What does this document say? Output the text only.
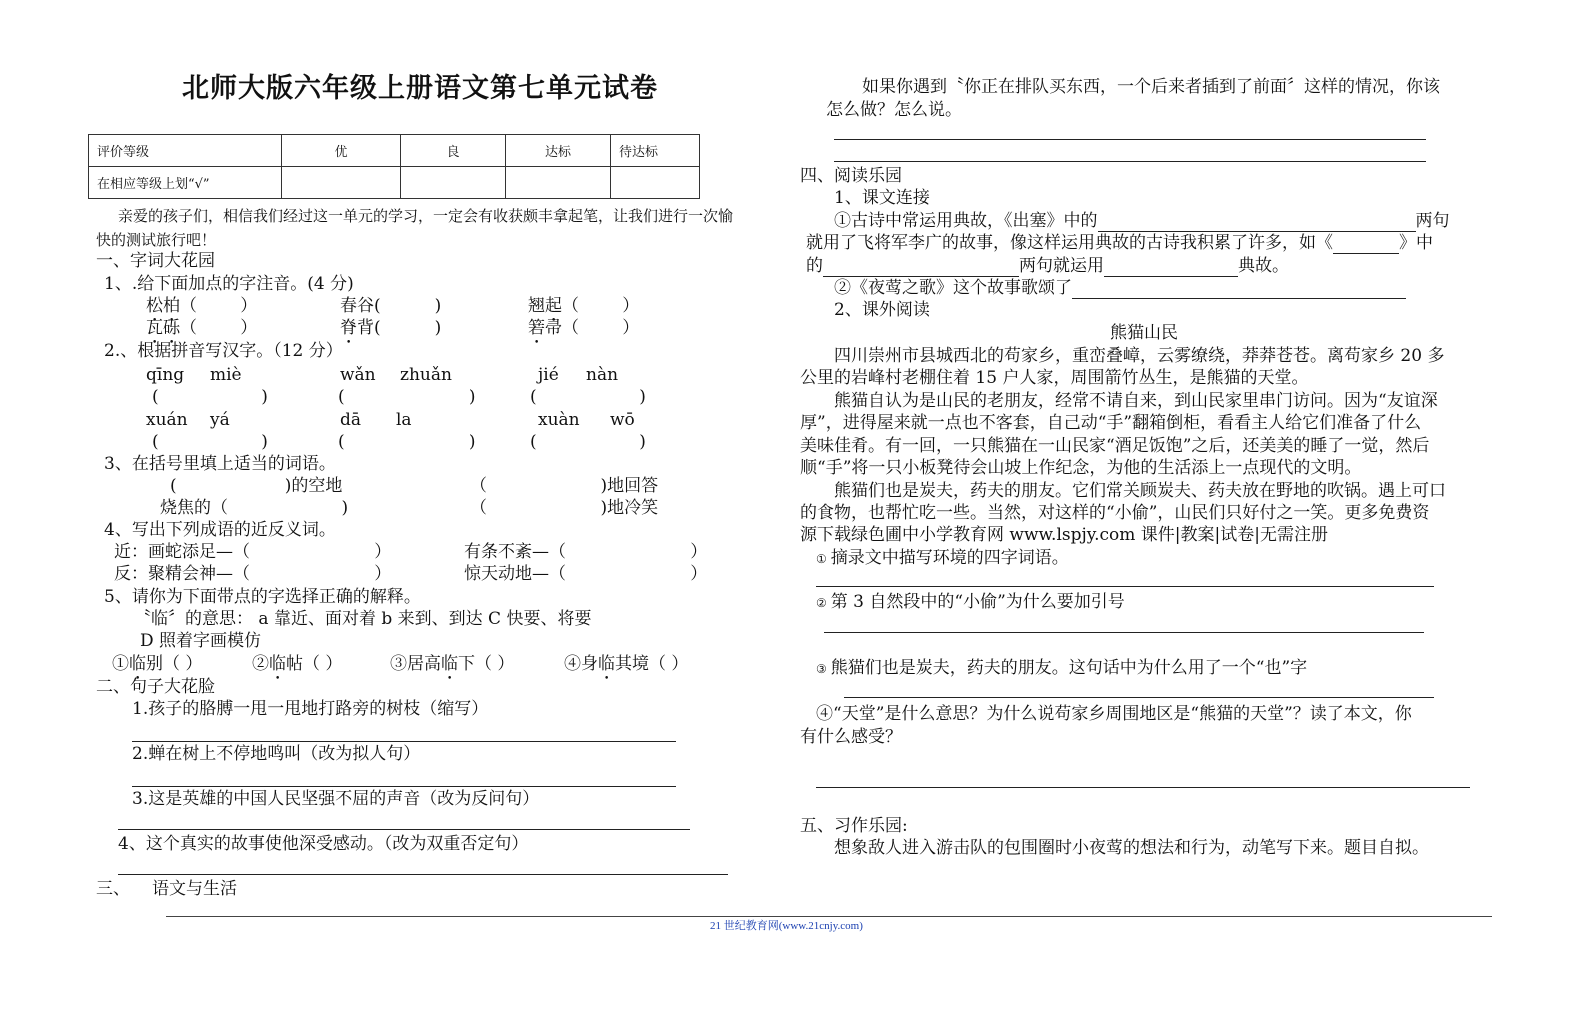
北师大版六年级上册语文第七单元试卷
评价等级	优	良	达标	待达标
在相应等级上划“√”				
亲爱的孩子们，相信我们经过这一单元的学习，一定会有收获颇丰拿起笔，让我们进行一次愉
快的测试旅行吧！
一、字词大花园
1、.给下面加点的字注音。(4 分)
松柏（        ）	春谷(          )	翘起（        ）
瓦砾（        ）	脊背(          )	箬帚（        ）
2.、根据拼音写汉字。（12 分）
qīng miè	wǎn zhuǎn	jié nàn
(                   )	(                       )	(                   )
xuán yá	dā la	xuàn wō
(                   )	(                       )	(                   )
3、在括号里填上适当的词语。
(                    )的空地	（                     )地回答
烧焦的（                     )	（                     )地冷笑
4、写出下列成语的近反义词。
近：画蛇添足—（                       ）	有条不紊—（                       ）
反：聚精会神—（                       ）	惊天动地—（                       ）
5、请你为下面带点的字选择正确的解释。
〝临〞的意思： a 靠近、面对着 b 来到、到达 C 快要、将要
D 照着字画模仿
①临别（ ）	②临帖（ ）	③居高临下（ ）	④身临其境（ ）
二、句子大花脸
1.孩子的胳膊一甩一甩地打路旁的树枝（缩写）
2.蝉在树上不停地鸣叫（改为拟人句）
3.这是英雄的中国人民坚强不屈的声音（改为反问句）
4、这个真实的故事使他深受感动。（改为双重否定句）
三、 语文与生活
如果你遇到〝你正在排队买东西，一个后来者插到了前面〞这样的情况，你该
怎么做？怎么说。
四、阅读乐园
1、课文连接
①古诗中常运用典故，《出塞》中的	两句
就用了飞将军李广的故事，像这样运用典故的古诗我积累了许多，如《	》中
的	两句就运用	典故。
②《夜莺之歌》这个故事歌颂了
2、课外阅读
熊猫山民
四川崇州市县城西北的苟家乡，重峦叠嶂，云雾缭绕，莽莽苍苍。离苟家乡 20 多
公里的岩峰村老棚住着 15 户人家，周围箭竹丛生，是熊猫的天堂。
熊猫自认为是山民的老朋友，经常不请自来，到山民家里串门访问。因为“友谊深
厚”，进得屋来就一点也不客套，自己动“手”翻箱倒柜，看看主人给它们准备了什么
美味佳肴。有一回，一只熊猫在一山民家“酒足饭饱”之后，还美美的睡了一觉，然后
顺“手”将一只小板凳待会山坡上作纪念，为他的生活添上一点现代的文明。
熊猫们也是炭夫，药夫的朋友。它们常关顾炭夫、药夫放在野地的吹锅。遇上可口
的食物，也帮忙吃一些。当然，对这样的“小偷”，山民们只好付之一笑。更多免费资
源下载绿色圃中小学教育网 www.lspjy.com 课件|教案|试卷|无需注册
① 摘录文中描写环境的四字词语。
② 第 3 自然段中的“小偷”为什么要加引号
③ 熊猫们也是炭夫，药夫的朋友。这句话中为什么用了一个“也”字
④“天堂”是什么意思？为什么说苟家乡周围地区是“熊猫的天堂”？读了本文，你
有什么感受？
五、习作乐园:
想象敌人进入游击队的包围圈时小夜莺的想法和行为，动笔写下来。题目自拟。
21 世纪教育网(www.21cnjy.com)
